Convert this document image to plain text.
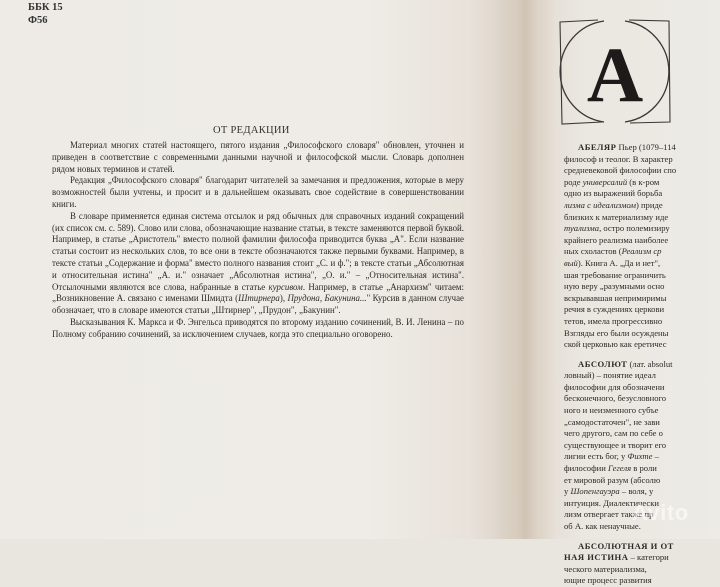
ББК 15
Ф56
ОТ РЕДАКЦИИ

Материал многих статей настоящего, пятого издания „Философского словаря" обновлен, уточнен и приведен в соответствие с современными данными научной и философской мысли. Словарь дополнен рядом новых терминов и статей.

Редакция „Философского словаря" благодарит читателей за замечания и предложения, которые в меру возможностей были учтены, и просит и в дальнейшем оказывать свое содействие в совершенствовании книги.

В словаре применяется единая система отсылок и ряд обычных для справочных изданий сокращений (их список см. с. 589). Слово или слова, обозначающие название статьи, в тексте заменяются первой буквой. Например, в статье „Аристотель" вместо полной фамилии философа приводится буква „А". Если название статьи состоит из нескольких слов, то все они в тексте обозначаются также первыми буквами. Например, в тексте статьи „Содержание и форма" вместо полного названия стоит „С. и ф."; в тексте статьи „Абсолютная и относительная истина" „А. и." означает „Абсолютная истина", „О. и." – „Относительная истина". Отсылочными являются все слова, набранные в статье курсивом. Например, в статье „Анархизм" читаем: „Возникновение А. связано с именами Шмидта (Штирнера), Прудона, Бакунина..." Курсив в данном случае обозначает, что в словаре имеются статьи „Штирнер", „Прудон", „Бакунин".

Высказывания К. Маркса и Ф. Энгельса приводятся по второму изданию сочинений, В. И. Ленина – по Полному собранию сочинений, за исключением случаев, когда это специально оговорено.

А
АБЕЛЯР Пьер (1079–114
философ и теолог. В характер
средневековой философии спо
роде универсалий (в к-ром
одно из выражений борьба
лизма с идеализмом) приде
близких к материализму иде
туализма, остро полемизиру
крайнего реализма наиболее
ных схоластов (Реализм ср
вый). Книга А. „Да и нет",
шая требование ограничить
ную веру „разумными осно
вскрывавшая непримиримы
речия в суждениях церкови
тетов, имела прогрессивно
Взгляды его были осуждены
ской церковью как еретичес
АБСОЛЮТ (лат. absolut
ловный) – понятие идеал
философии для обозначени
бесконечного, безусловного
ного и неизменного субъе
„самодостаточен", не зави
чего другого, сам по себе о
существующее и творит его
лигии есть бог, у Фихте –
философии Гегеля в роли
ет мировой разум (абсолю
у Шопенгауэра – воля, у
интуиция. Диалектически
лизм отвергает также пр
об А. как ненаучные.
АБСОЛЮТНАЯ И ОТ
НАЯ ИСТИНА – категори
ческого материализма,
ющие процесс развития
Avito
